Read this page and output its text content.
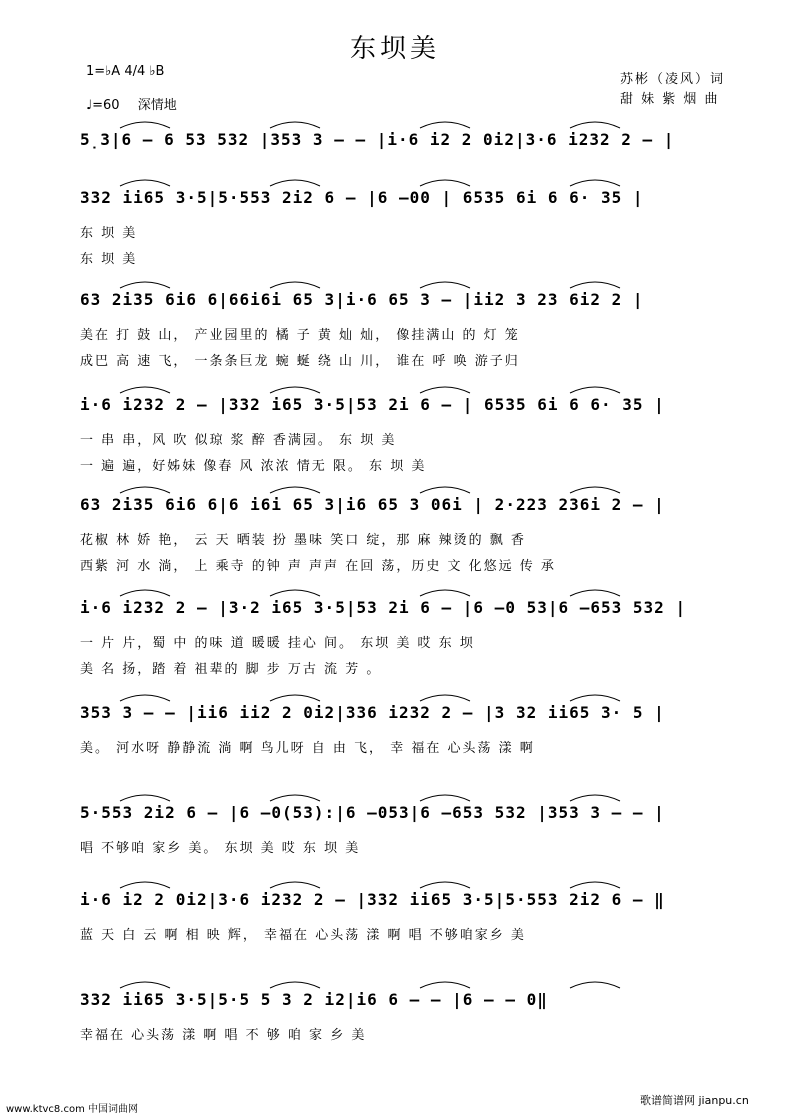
东坝美
1=♭A 4/4 ♭B
♩=60 深情地
苏彬（凌风）词
甜 妹 紫 烟 曲
5̣3|6 – 6 53 532 |353 3 – – |i·6 i2 2 0i2|3·6 i232 2 – |
332 ii65 3·5|5·553 2i2 6 – |6 –00 | 6535 6i 6 6· 35 |
东 坝 美
东 坝 美
63 2i35 6i6 6|66i6i 65 3|i·6 65 3 – |ii2 3 23 6i2 2 |
美在 打 鼓 山， 产业园里的 橘 子 黄 灿 灿， 像挂满山 的 灯 笼
成巴 高 速 飞， 一条条巨龙 蜿 蜒 绕 山 川， 谁在 呼 唤 游子归
i·6 i232 2 – |332 i65 3·5|53 2i 6 – | 6535 6i 6 6· 35 |
一 串 串，风 吹 似琼 浆 醉 香满园。 东 坝 美
一 遍 遍，好姊妹 像春 风 浓浓 情无 限。 东 坝 美
63 2i35 6i6 6|6 i6i 65 3|i6 65 3 06i | 2·223 236i 2 – |
花椒 林 娇 艳， 云 天 晒装 扮 墨味 笑口 绽，那 麻 辣烫的 飘 香
西紫 河 水 淌， 上 乘寺 的钟 声 声声 在回 荡，历史 文 化悠远 传 承
i·6 i232 2 – |3·2 i65 3·5|53 2i 6 – |6 –0 53|6 –653 532 |
一 片 片，蜀 中 的味 道 暖暖 挂心 间。 东坝 美 哎 东 坝
美 名 扬，踏 着 祖辈的 脚 步 万古 流 芳 。
353 3 – – |ii6 ii2 2 0i2|336 i232 2 – |3 32 ii65 3· 5 |
美。 河水呀 静静流 淌 啊 鸟儿呀 自 由 飞， 幸 福在 心头荡 漾 啊
5·553 2i2 6 – |6 –0(53):|6 –053|6 –653 532 |353 3 – – |
唱 不够咱 家乡 美。 东坝 美 哎 东 坝 美
i·6 i2 2 0i2|3·6 i232 2 – |332 ii65 3·5|5·553 2i2 6 – ‖
蓝 天 白 云 啊 相 映 辉， 幸福在 心头荡 漾 啊 唱 不够咱家乡 美
332 ii65 3·5|5·5 5 3 2 i2|i6 6 – – |6 – – 0‖
幸福在 心头荡 漾 啊 唱 不 够 咱 家 乡 美
www.ktvc8.com 中国词曲网
歌谱简谱网 jianpu.cn
